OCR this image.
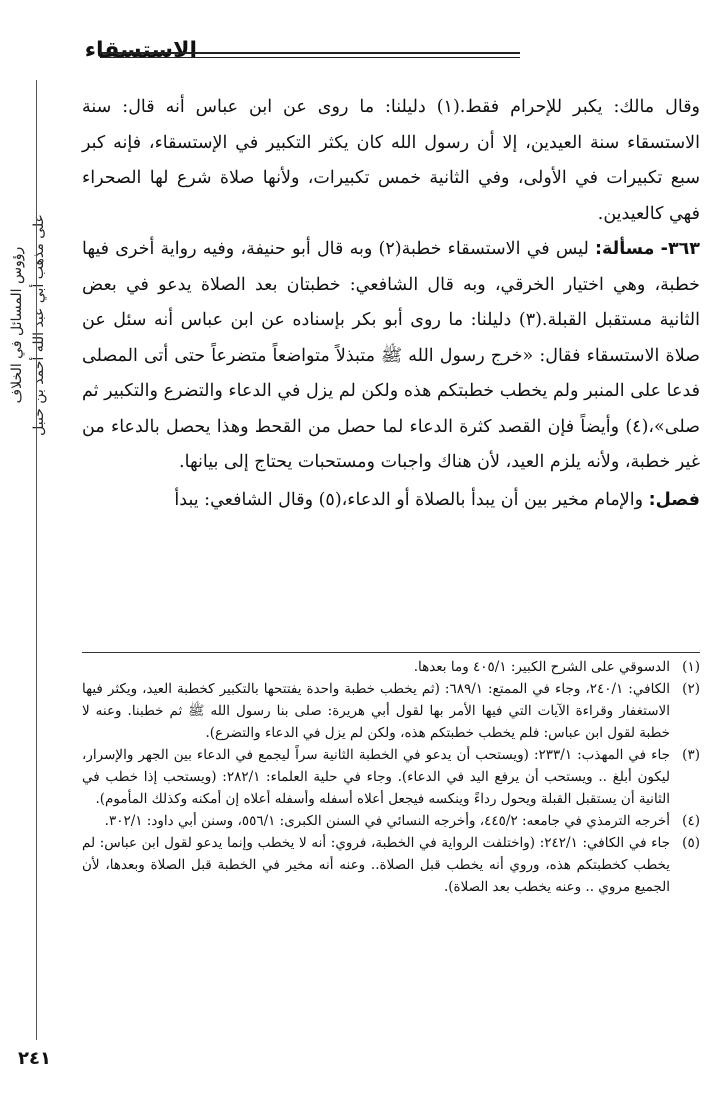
الاستسقاء
رؤوس المسائل في الخلاف على مذهب أبي عبد الله أحمد بن حنبل

وقال مالك: يكبر للإحرام فقط.(١) دليلنا: ما روى عن ابن عباس أنه قال: سنة الاستسقاء سنة العيدين، إلا أن رسول الله كان يكثر التكبير في الإستسقاء، فإنه كبر سبع تكبيرات في الأولى، وفي الثانية خمس تكبيرات، ولأنها صلاة شرع لها الصحراء فهي كالعيدين.

٣٦٣- مسألة: ليس في الاستسقاء خطبة(٢) وبه قال أبو حنيفة، وفيه رواية أخرى فيها خطبة، وهي اختيار الخرقي، وبه قال الشافعي: خطبتان بعد الصلاة يدعو في بعض الثانية مستقبل القبلة.(٣) دليلنا: ما روى أبو بكر بإسناده عن ابن عباس أنه سئل عن صلاة الاستسقاء فقال: «خرج رسول الله ﷺ متبذلاً متواضعاً متضرعاً حتى أتى المصلى فدعا على المنبر ولم يخطب خطبتكم هذه ولكن لم يزل في الدعاء والتضرع والتكبير ثم صلى»،(٤) وأيضاً فإن القصد كثرة الدعاء لما حصل من القحط وهذا يحصل بالدعاء من غير خطبة، ولأنه يلزم العيد، لأن هناك واجبات ومستحبات يحتاج إلى بيانها.

فصل: والإمام مخير بين أن يبدأ بالصلاة أو الدعاء،(٥) وقال الشافعي: يبدأ

(١)
الدسوقي على الشرح الكبير: ٤٠٥/١ وما بعدها.
(٢)
الكافي: ٢٤٠/١، وجاء في الممتع: ٦٨٩/١: (ثم يخطب خطبة واحدة يفتتحها بالتكبير كخطبة العيد، ويكثر فيها الاستغفار وقراءة الآيات التي فيها الأمر بها لقول أبي هريرة: صلى بنا رسول الله ﷺ ثم خطبنا. وعنه لا خطبة لقول ابن عباس: فلم يخطب خطبتكم هذه، ولكن لم يزل في الدعاء والتضرع).
(٣)
جاء في المهذب: ٢٣٣/١: (ويستحب أن يدعو في الخطبة الثانية سراً ليجمع في الدعاء بين الجهر والإسرار، ليكون أبلغ .. ويستحب أن يرفع اليد في الدعاء). وجاء في حلية العلماء: ٢٨٢/١: (ويستحب إذا خطب في الثانية أن يستقبل القبلة ويحول رداءً وينكسه فيجعل أعلاه أسفله وأسفله أعلاه إن أمكنه وكذلك المأموم).
(٤)
أخرجه الترمذي في جامعه: ٤٤٥/٢، وأخرجه النسائي في السنن الكبرى: ٥٥٦/١، وسنن أبي داود: ٣٠٢/١.
(٥)
جاء في الكافي: ٢٤٢/١: (واختلفت الرواية في الخطبة، فروي: أنه لا يخطب وإنما يدعو لقول ابن عباس: لم يخطب كخطبتكم هذه، وروي أنه يخطب قبل الصلاة.. وعنه أنه مخير في الخطبة قبل الصلاة وبعدها، لأن الجميع مروي .. وعنه يخطب بعد الصلاة).
٢٤١
